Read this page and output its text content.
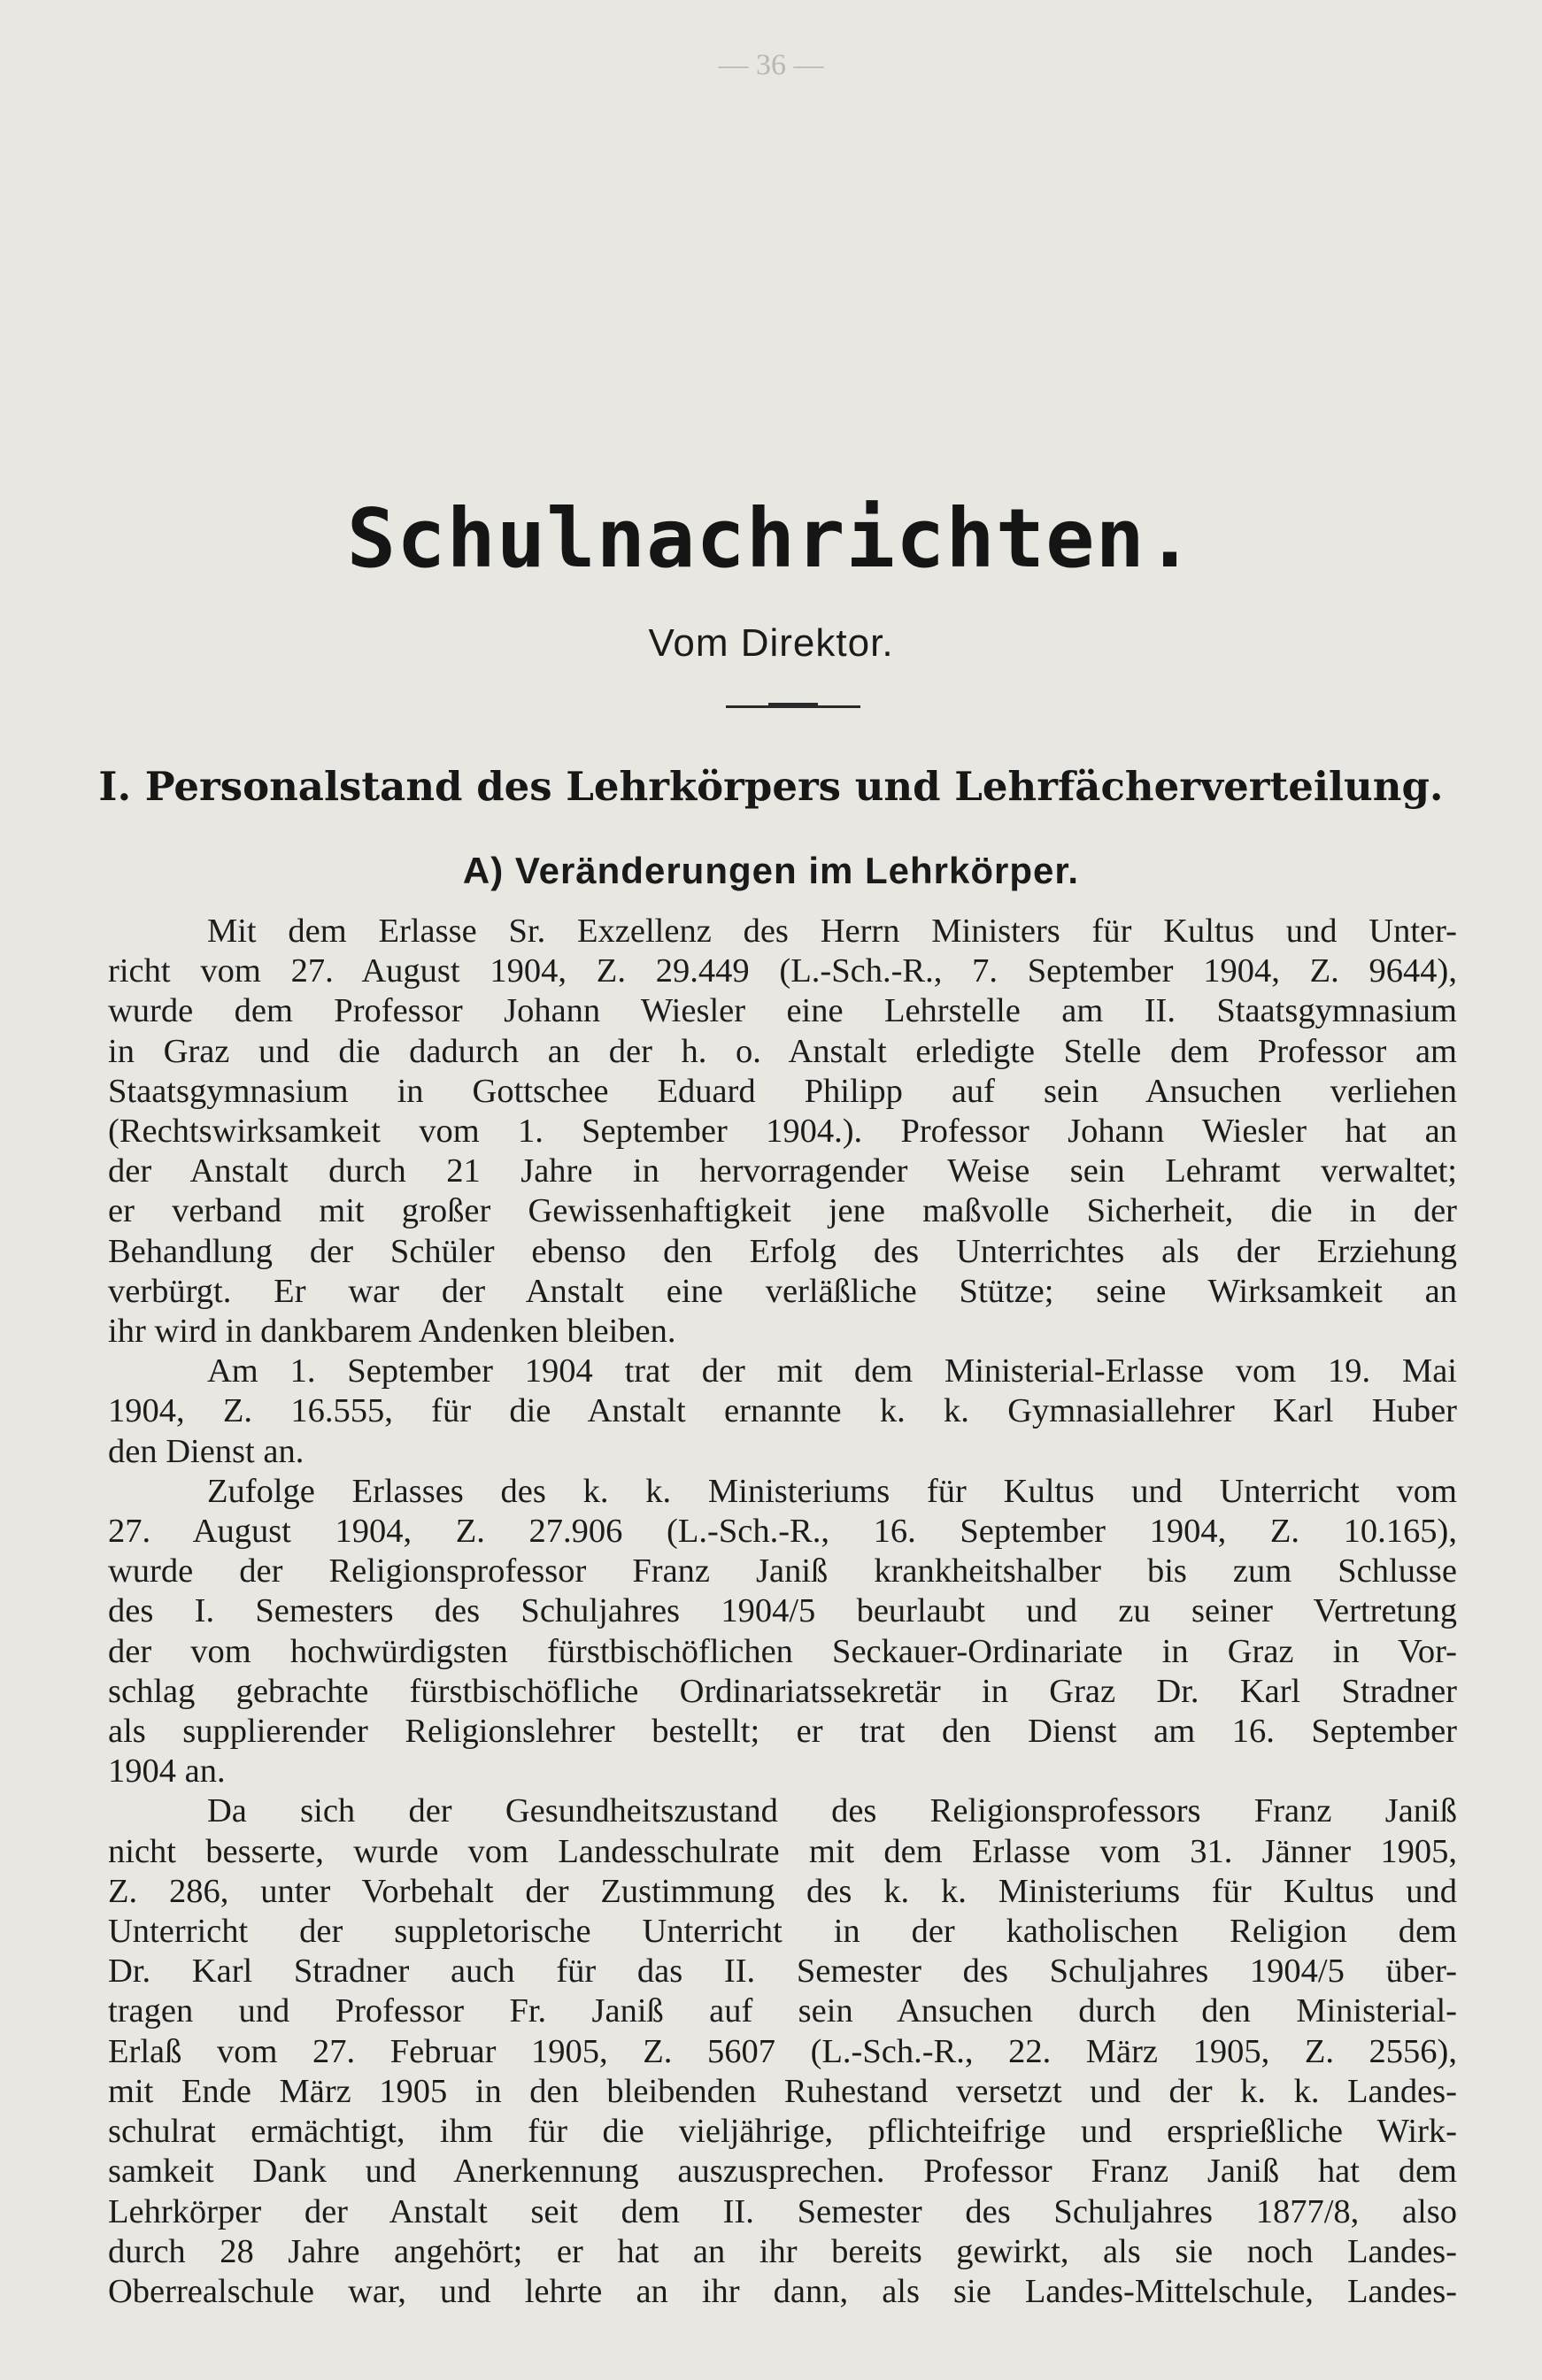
— 36 —
Schulnachrichten.
Vom Direktor.
I. Personalstand des Lehrkörpers und Lehrfächerverteilung.
A) Veränderungen im Lehrkörper.
Mit dem Erlasse Sr. Exzellenz des Herrn Ministers für Kultus und Unter-
richt vom 27. August 1904, Z. 29.449 (L.-Sch.-R., 7. September 1904, Z. 9644),
wurde dem Professor Johann Wiesler eine Lehrstelle am II. Staatsgymnasium
in Graz und die dadurch an der h. o. Anstalt erledigte Stelle dem Professor am
Staatsgymnasium in Gottschee Eduard Philipp auf sein Ansuchen verliehen
(Rechtswirksamkeit vom 1. September 1904.). Professor Johann Wiesler hat an
der Anstalt durch 21 Jahre in hervorragender Weise sein Lehramt verwaltet;
er verband mit großer Gewissenhaftigkeit jene maßvolle Sicherheit, die in der
Behandlung der Schüler ebenso den Erfolg des Unterrichtes als der Erziehung
verbürgt. Er war der Anstalt eine verläßliche Stütze; seine Wirksamkeit an
ihr wird in dankbarem Andenken bleiben.
Am 1. September 1904 trat der mit dem Ministerial-Erlasse vom 19. Mai
1904, Z. 16.555, für die Anstalt ernannte k. k. Gymnasiallehrer Karl Huber
den Dienst an.
Zufolge Erlasses des k. k. Ministeriums für Kultus und Unterricht vom
27. August 1904, Z. 27.906 (L.-Sch.-R., 16. September 1904, Z. 10.165),
wurde der Religionsprofessor Franz Janiß krankheitshalber bis zum Schlusse
des I. Semesters des Schuljahres 1904/5 beurlaubt und zu seiner Vertretung
der vom hochwürdigsten fürstbischöflichen Seckauer-Ordinariate in Graz in Vor-
schlag gebrachte fürstbischöfliche Ordinariatssekretär in Graz Dr. Karl Stradner
als supplierender Religionslehrer bestellt; er trat den Dienst am 16. September
1904 an.
Da sich der Gesundheitszustand des Religionsprofessors Franz Janiß
nicht besserte, wurde vom Landesschulrate mit dem Erlasse vom 31. Jänner 1905,
Z. 286, unter Vorbehalt der Zustimmung des k. k. Ministeriums für Kultus und
Unterricht der suppletorische Unterricht in der katholischen Religion dem
Dr. Karl Stradner auch für das II. Semester des Schuljahres 1904/5 über-
tragen und Professor Fr. Janiß auf sein Ansuchen durch den Ministerial-
Erlaß vom 27. Februar 1905, Z. 5607 (L.-Sch.-R., 22. März 1905, Z. 2556),
mit Ende März 1905 in den bleibenden Ruhestand versetzt und der k. k. Landes-
schulrat ermächtigt, ihm für die vieljährige, pflichteifrige und ersprießliche Wirk-
samkeit Dank und Anerkennung auszusprechen. Professor Franz Janiß hat dem
Lehrkörper der Anstalt seit dem II. Semester des Schuljahres 1877/8, also
durch 28 Jahre angehört; er hat an ihr bereits gewirkt, als sie noch Landes-
Oberrealschule war, und lehrte an ihr dann, als sie Landes-Mittelschule, Landes-
